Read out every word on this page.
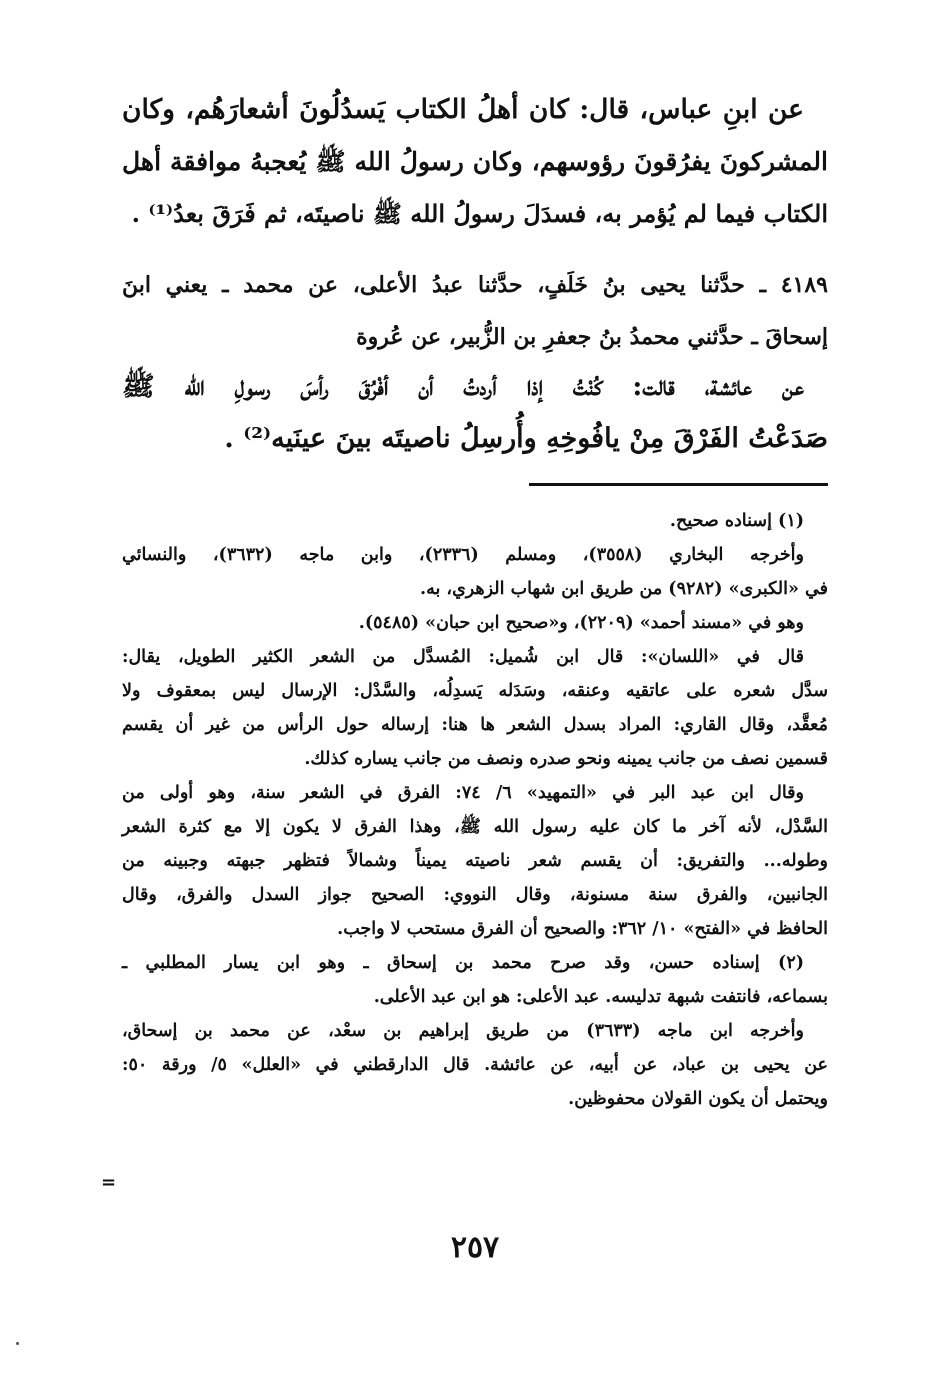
عن ابنِ عباس، قال: كان أهلُ الكتاب يَسدُلُونَ أشعارَهُم، وكان
المشركونَ يفرُقونَ رؤوسهم، وكان رسولُ الله ﷺ يُعجبهُ موافقة أهل
الكتاب فيما لم يُؤمر به، فسدَلَ رسولُ الله ﷺ ناصيتَه، ثم فَرَقَ بعدُ⁽¹⁾ .
٤١٨٩ ـ حدَّثنا يحيى بنُ خَلَفٍ، حدَّثنا عبدُ الأعلى، عن محمد ـ يعني ابنَ
إسحاقَ ـ حدَّثني محمدُ بنُ جعفرِ بن الزُّبير، عن عُروة
عن عائشة، قالت: كُنْتُ إذا أردتُ أن أفْرُقَ رأسَ رسولِ الله ﷺ
صَدَعْتُ الفَرْقَ مِنْ يافُوخِهِ وأُرسِلُ ناصيتَه بينَ عينَيه⁽²⁾ .
(١) إسناده صحيح.
وأخرجه البخاري (٣٥٥٨)، ومسلم (٢٣٣٦)، وابن ماجه (٣٦٣٢)، والنسائي
في «الكبرى» (٩٢٨٢) من طريق ابن شهاب الزهري، به.
وهو في «مسند أحمد» (٢٢٠٩)، و«صحيح ابن حبان» (٥٤٨٥).
قال في «اللسان»: قال ابن شُميل: المُسدَّل من الشعر الكثير الطويل، يقال:
سدَّل شعره على عاتقيه وعنقه، وسَدَله يَسدِلُه، والسَّدْل: الإرسال ليس بمعقوف ولا
مُعقَّد، وقال القاري: المراد بسدل الشعر ها هنا: إرساله حول الرأس من غير أن يقسم
قسمين نصف من جانب يمينه ونحو صدره ونصف من جانب يساره كذلك.
وقال ابن عبد البر في «التمهيد» ٦/ ٧٤: الفرق في الشعر سنة، وهو أولى من
السَّدْل، لأنه آخر ما كان عليه رسول الله ﷺ، وهذا الفرق لا يكون إلا مع كثرة الشعر
وطوله... والتفريق: أن يقسم شعر ناصيته يميناً وشمالاً فتظهر جبهته وجبينه من
الجانبين، والفرق سنة مسنونة، وقال النووي: الصحيح جواز السدل والفرق، وقال
الحافظ في «الفتح» ١٠/ ٣٦٢: والصحيح أن الفرق مستحب لا واجب.
(٢) إسناده حسن، وقد صرح محمد بن إسحاق ـ وهو ابن يسار المطلبي ـ
بسماعه، فانتفت شبهة تدليسه. عبد الأعلى: هو ابن عبد الأعلى.
وأخرجه ابن ماجه (٣٦٣٣) من طريق إبراهيم بن سعْد، عن محمد بن إسحاق،
عن يحيى بن عباد، عن أبيه، عن عائشة. قال الدارقطني في «العلل» ٥/ ورقة ٥٠:
ويحتمل أن يكون القولان محفوظين.
=
٢٥٧
